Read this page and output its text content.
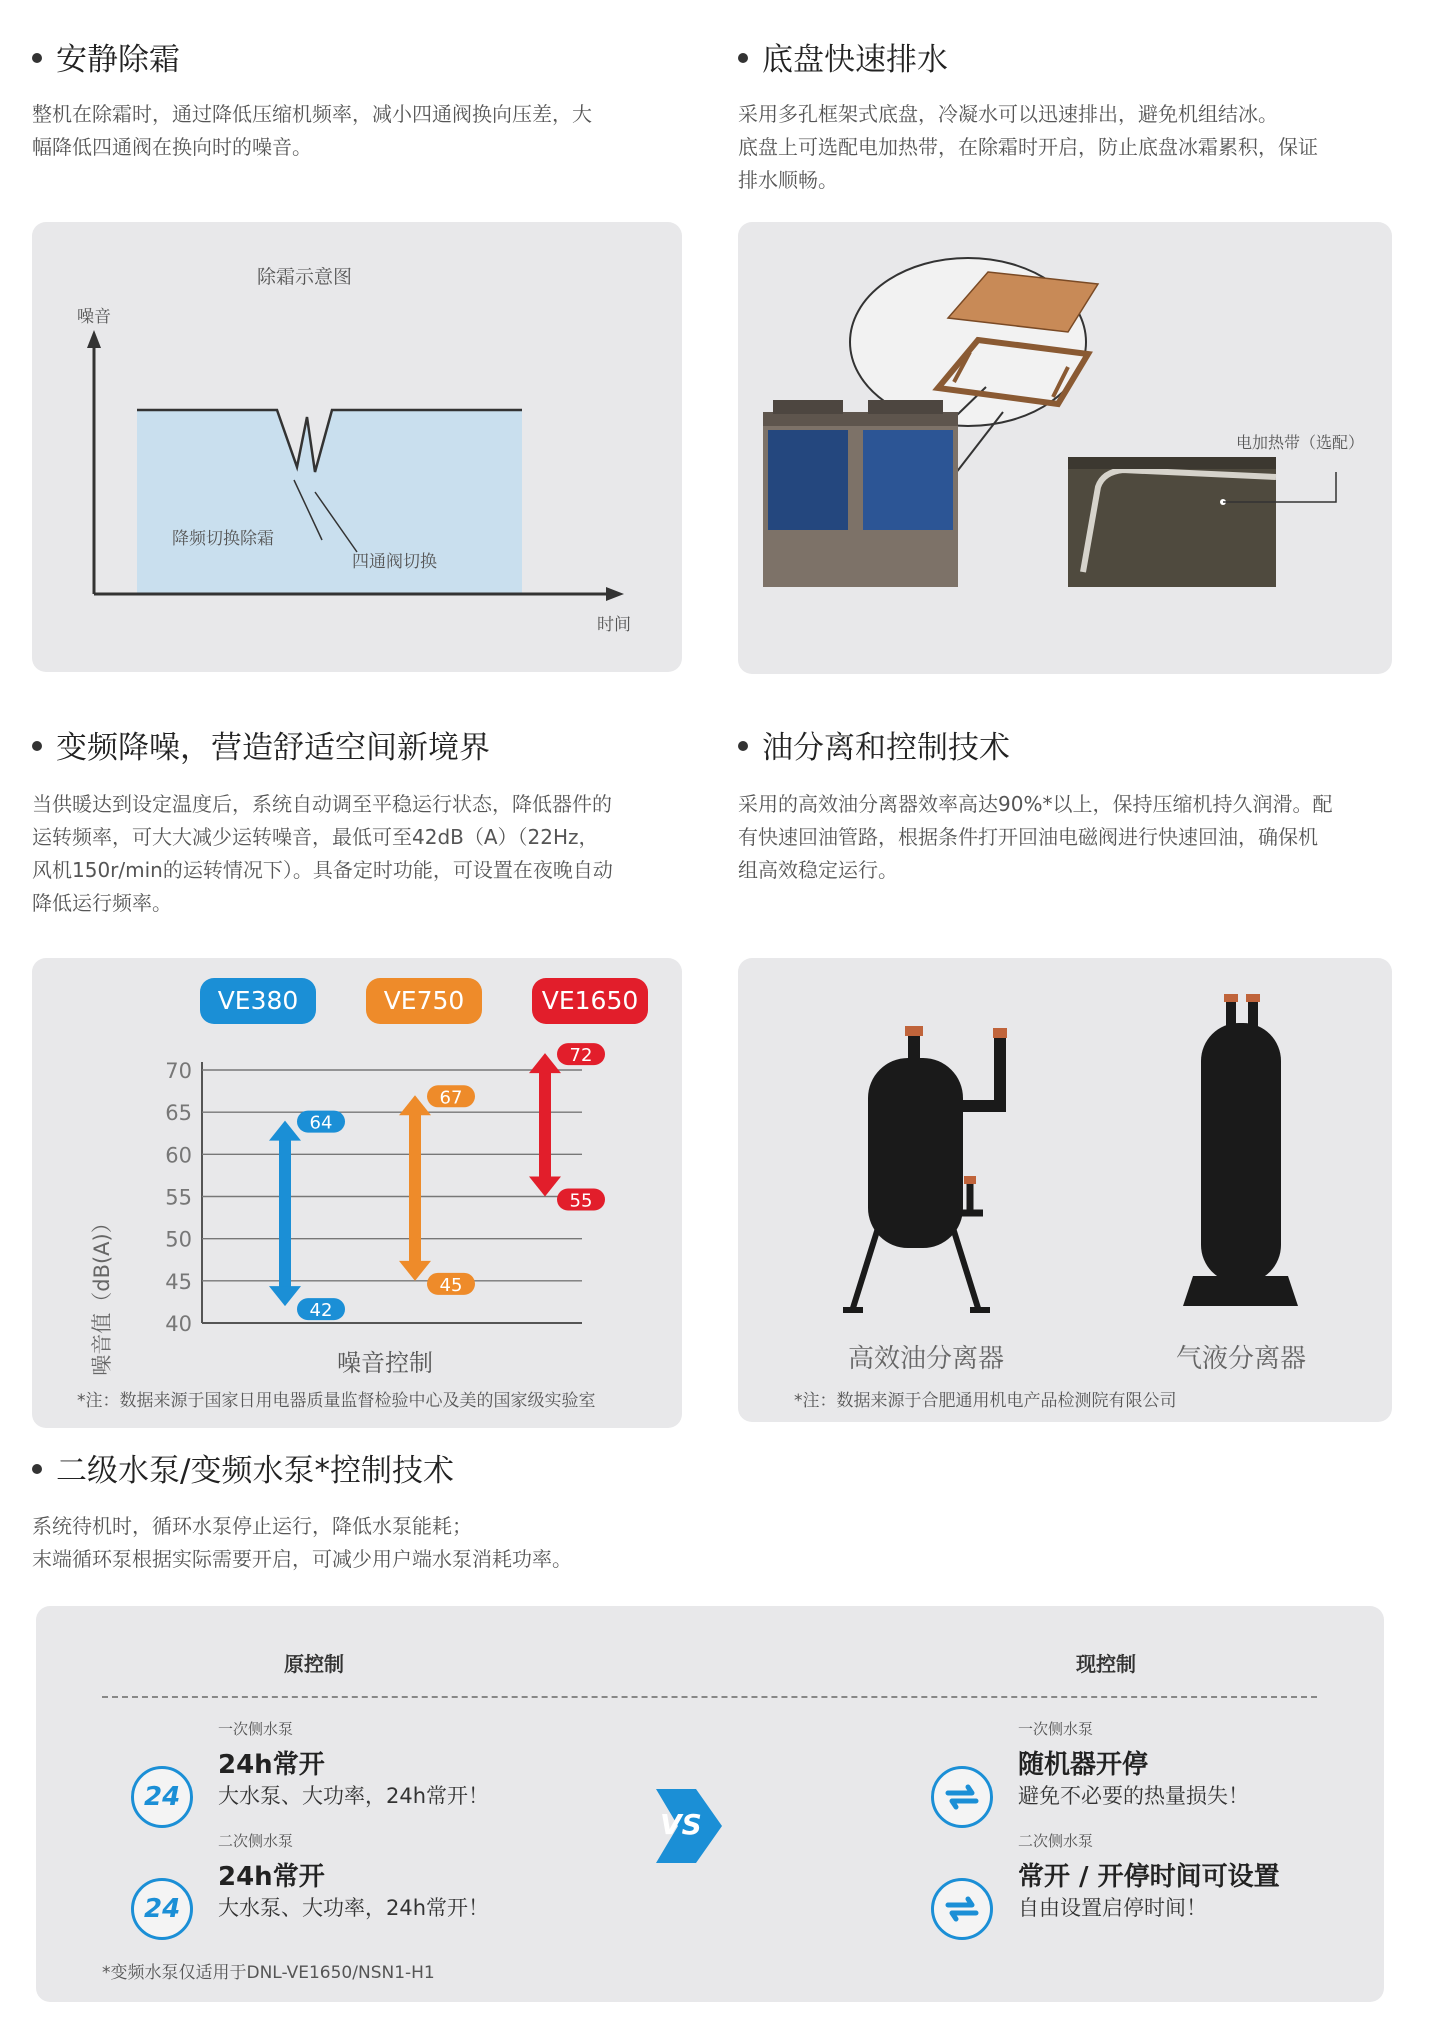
安静除霜
整机在除霜时，通过降低压缩机频率，减小四通阀换向压差，大
幅降低四通阀在换向时的噪音。
除霜示意图
噪音
时间
降频切换除霜
四通阀切换
底盘快速排水
采用多孔框架式底盘，冷凝水可以迅速排出，避免机组结冰。
底盘上可选配电加热带，在除霜时开启，防止底盘冰霜累积，保证
排水顺畅。
电加热带（选配）
变频降噪，营造舒适空间新境界
当供暖达到设定温度后，系统自动调至平稳运行状态，降低器件的
运转频率，可大大减少运转噪音，最低可至42dB（A）（22Hz，
风机150r/min的运转情况下）。具备定时功能，可设置在夜晚自动
降低运行频率。
VE380	VE750	VE1650
70
65
60
55
50
45
40
64
42
67
45
72
55
噪音值（dB(A)）	噪音控制
*注：数据来源于国家日用电器质量监督检验中心及美的国家级实验室
油分离和控制技术
采用的高效油分离器效率高达90%*以上，保持压缩机持久润滑。配
有快速回油管路，根据条件打开回油电磁阀进行快速回油，确保机
组高效稳定运行。
高效油分离器	气液分离器
*注：数据来源于合肥通用机电产品检测院有限公司
二级水泵/变频水泵*控制技术
系统待机时，循环水泵停止运行，降低水泵能耗；
末端循环泵根据实际需要开启，可减少用户端水泵消耗功率。
原控制	现控制
24
一次侧水泵
24h常开
大水泵、大功率，24h常开！
24
二次侧水泵
24h常开
大水泵、大功率，24h常开！
VS
一次侧水泵
随机器开停
避免不必要的热量损失！
二次侧水泵
常开 / 开停时间可设置
自由设置启停时间！
*变频水泵仅适用于DNL-VE1650/NSN1-H1
